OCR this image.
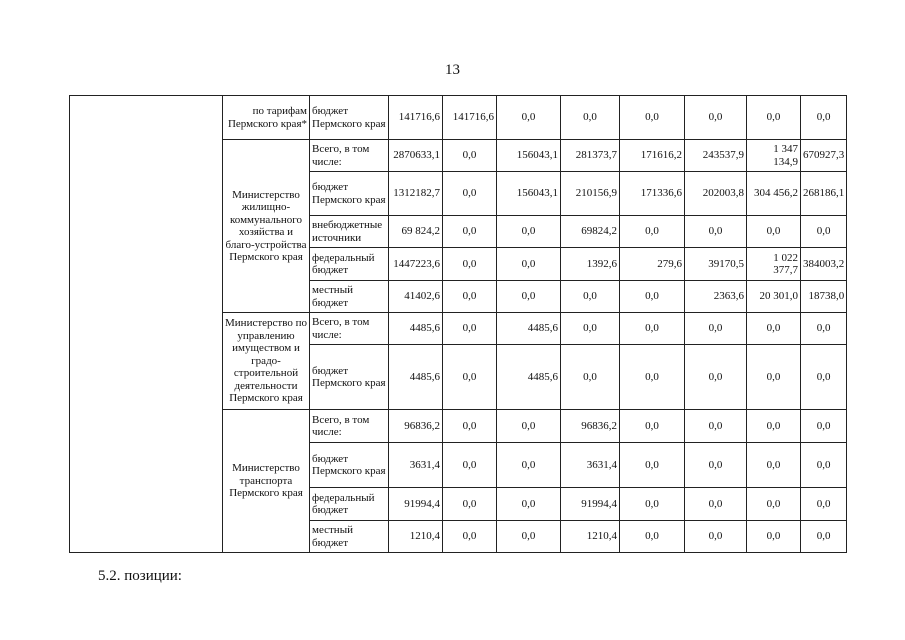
13
	по тарифам Пермского края*	бюджет Пермского края	141716,6	141716,6	0,0	0,0	0,0	0,0	0,0	0,0
	Министерство жилищно-коммунального хозяйства и благо-устройства Пермского края	Всего, в том числе:	2870633,1	0,0	156043,1	281373,7	171616,2	243537,9	1 347 134,9	670927,3
		бюджет Пермского края	1312182,7	0,0	156043,1	210156,9	171336,6	202003,8	304 456,2	268186,1
		внебюджетные источники	69 824,2	0,0	0,0	69824,2	0,0	0,0	0,0	0,0
		федеральный бюджет	1447223,6	0,0	0,0	1392,6	279,6	39170,5	1 022 377,7	384003,2
		местный бюджет	41402,6	0,0	0,0	0,0	0,0	2363,6	20 301,0	18738,0
	Министерство по управлению имуществом и градо-строительной деятельности Пермского края	Всего, в том числе:	4485,6	0,0	4485,6	0,0	0,0	0,0	0,0	0,0
		бюджет Пермского края	4485,6	0,0	4485,6	0,0	0,0	0,0	0,0	0,0
	Министерство транспорта Пермского края	Всего, в том числе:	96836,2	0,0	0,0	96836,2	0,0	0,0	0,0	0,0
		бюджет Пермского края	3631,4	0,0	0,0	3631,4	0,0	0,0	0,0	0,0
		федеральный бюджет	91994,4	0,0	0,0	91994,4	0,0	0,0	0,0	0,0
		местный бюджет	1210,4	0,0	0,0	1210,4	0,0	0,0	0,0	0,0
5.2. позиции:
